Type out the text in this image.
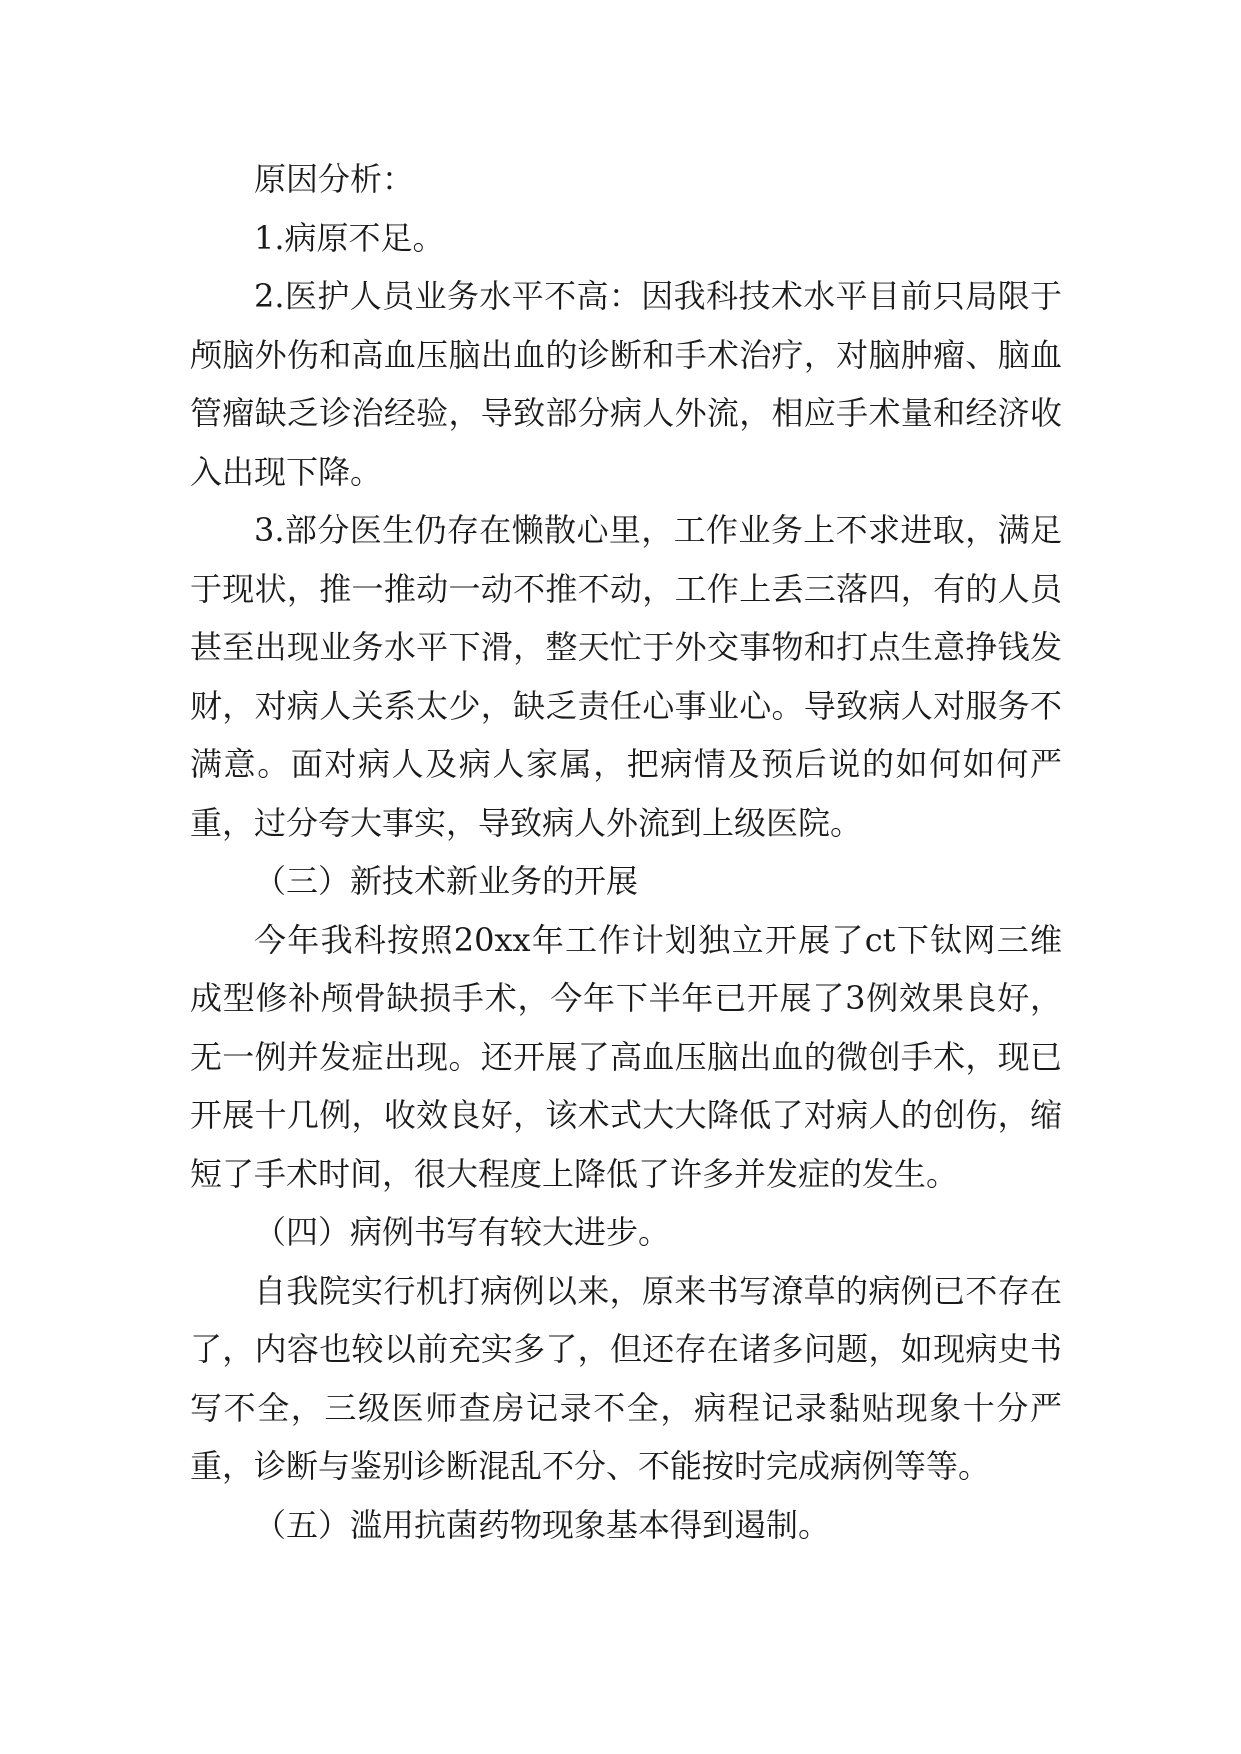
原因分析：

1.病原不足。

2.医护人员业务水平不高：因我科技术水平目前只局限于颅脑外伤和高血压脑出血的诊断和手术治疗，对脑肿瘤、脑血管瘤缺乏诊治经验，导致部分病人外流，相应手术量和经济收入出现下降。

3.部分医生仍存在懒散心里，工作业务上不求进取，满足于现状，推一推动一动不推不动，工作上丢三落四，有的人员甚至出现业务水平下滑，整天忙于外交事物和打点生意挣钱发财，对病人关系太少，缺乏责任心事业心。导致病人对服务不满意。面对病人及病人家属，把病情及预后说的如何如何严重，过分夸大事实，导致病人外流到上级医院。

（三）新技术新业务的开展

今年我科按照20xx年工作计划独立开展了ct下钛网三维成型修补颅骨缺损手术，今年下半年已开展了3例效果良好，无一例并发症出现。还开展了高血压脑出血的微创手术，现已开展十几例，收效良好，该术式大大降低了对病人的创伤，缩短了手术时间，很大程度上降低了许多并发症的发生。

（四）病例书写有较大进步。

自我院实行机打病例以来，原来书写潦草的病例已不存在了，内容也较以前充实多了，但还存在诸多问题，如现病史书写不全，三级医师查房记录不全，病程记录黏贴现象十分严重，诊断与鉴别诊断混乱不分、不能按时完成病例等等。

（五）滥用抗菌药物现象基本得到遏制。
